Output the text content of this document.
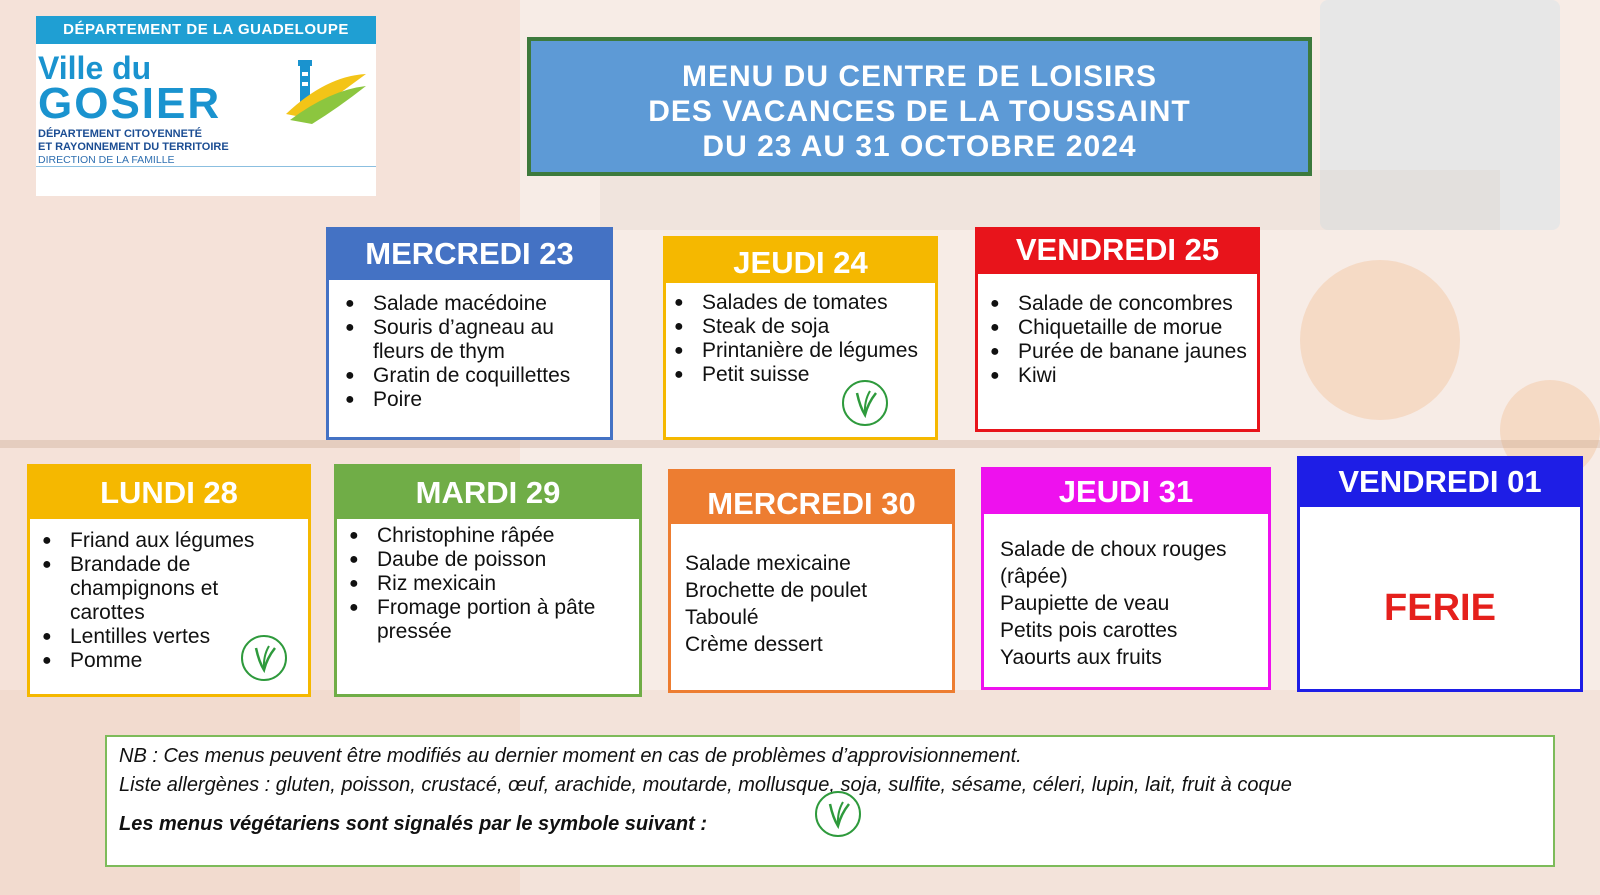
DÉPARTEMENT DE LA GUADELOUPE
Ville du
GOSIER
DÉPARTEMENT CITOYENNETÉ
ET RAYONNEMENT DU TERRITOIRE
DIRECTION DE LA FAMILLE
MENU DU CENTRE DE LOISIRS
DES VACANCES DE LA TOUSSAINT
DU 23 AU 31 OCTOBRE 2024
MERCREDI 23
● Salade macédoine
● Souris d’agneau au fleurs de thym
● Gratin de coquillettes
● Poire
JEUDI 24
● Salades de tomates
● Steak de soja
● Printanière de légumes
● Petit suisse
VENDREDI 25
● Salade de concombres
● Chiquetaille de morue
● Purée de banane jaunes
● Kiwi
LUNDI 28
● Friand aux légumes
● Brandade de champignons et carottes
● Lentilles vertes
● Pomme
MARDI 29
● Christophine râpée
● Daube de poisson
● Riz mexicain
● Fromage portion à pâte pressée
MERCREDI 30
Salade mexicaine
Brochette de poulet
Taboulé
Crème dessert
JEUDI 31
Salade de choux rouges
(râpée)
Paupiette de veau
Petits pois carottes
Yaourts aux fruits
VENDREDI 01
FERIE
NB : Ces menus peuvent être modifiés au dernier moment en cas de problèmes d’approvisionnement.
Liste allergènes : gluten, poisson, crustacé, œuf, arachide, moutarde, mollusque, soja, sulfite, sésame, céleri, lupin, lait, fruit à coque
Les menus végétariens sont signalés par le symbole suivant :
